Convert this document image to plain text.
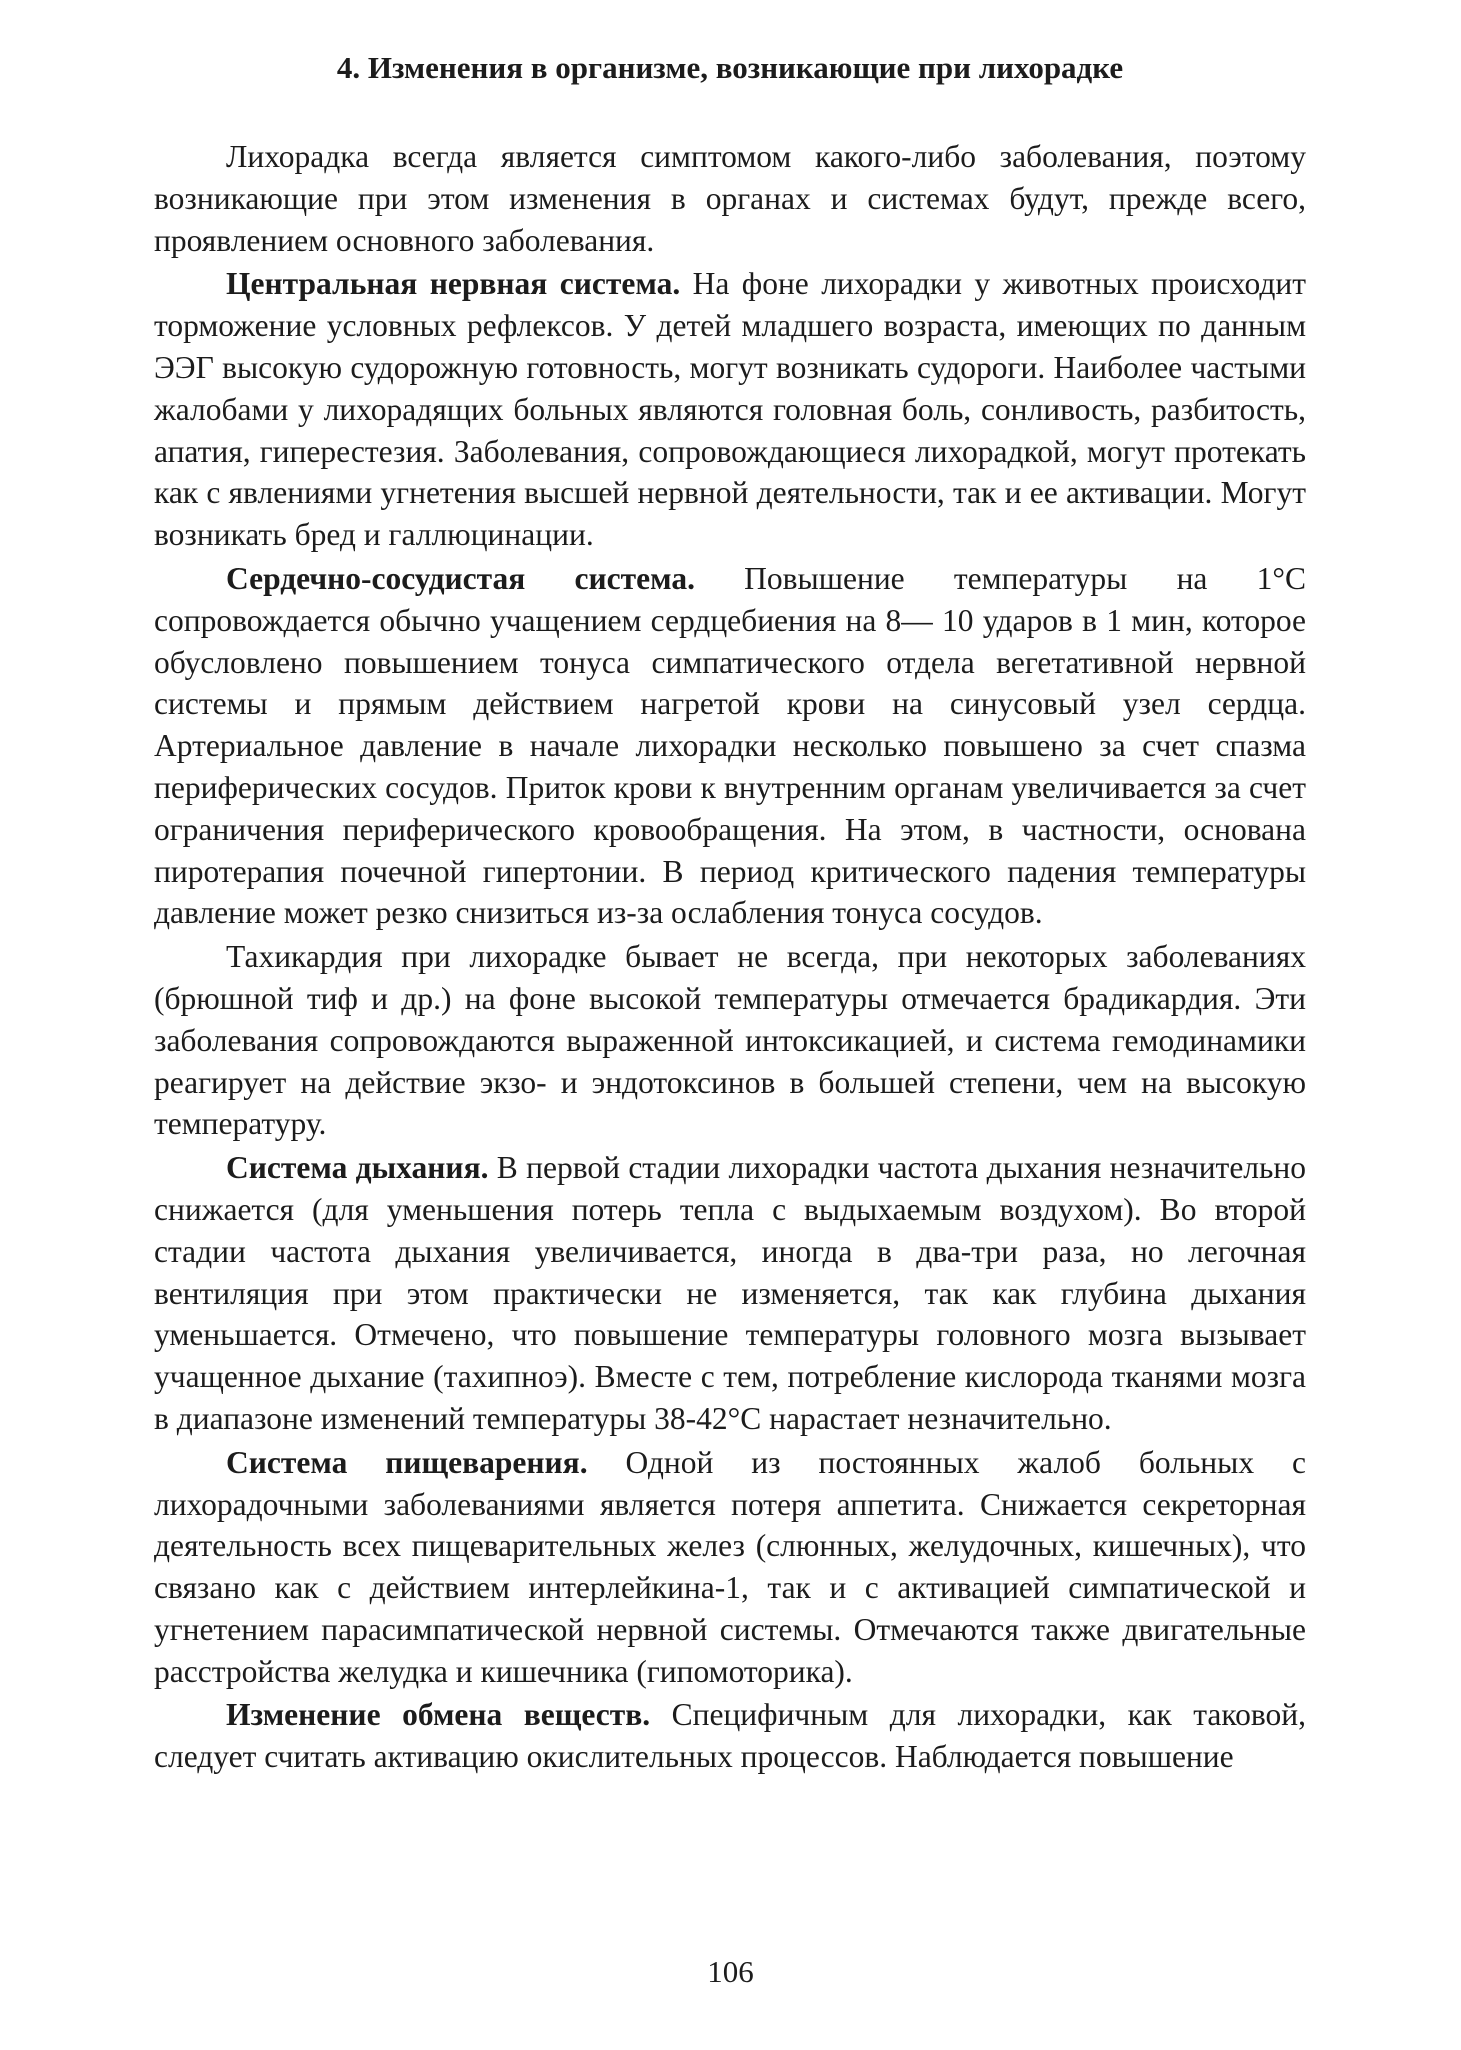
4. Изменения в организме, возникающие при лихорадке

Лихорадка всегда является симптомом какого-либо заболевания, поэтому возникающие при этом изменения в органах и системах будут, прежде всего, проявлением основного заболевания.

Центральная нервная система. На фоне лихорадки у животных происходит торможение условных рефлексов. У детей младшего возраста, имеющих по данным ЭЭГ высокую судорожную готовность, могут возникать судороги. Наиболее частыми жалобами у лихорадящих больных являются головная боль, сонливость, разбитость, апатия, гиперестезия. Заболевания, сопровождающиеся лихорадкой, могут протекать как с явлениями угнетения высшей нервной деятельности, так и ее активации. Могут возникать бред и галлюцинации.

Сердечно-сосудистая система. Повышение температуры на 1°С сопровождается обычно учащением сердцебиения на 8— 10 ударов в 1 мин, которое обусловлено повышением тонуса симпатического отдела вегетативной нервной системы и прямым действием нагретой крови на синусовый узел сердца. Артериальное давление в начале лихорадки несколько повышено за счет спазма периферических сосудов. Приток крови к внутренним органам увеличивается за счет ограничения периферического кровообращения. На этом, в частности, основана пиротерапия почечной гипертонии. В период критического падения температуры давление может резко снизиться из-за ослабления тонуса сосудов.

Тахикардия при лихорадке бывает не всегда, при некоторых заболеваниях (брюшной тиф и др.) на фоне высокой температуры отмечается брадикардия. Эти заболевания сопровождаются выраженной интоксикацией, и система гемодинамики реагирует на действие экзо- и эндотоксинов в большей степени, чем на высокую температуру.

Система дыхания. В первой стадии лихорадки частота дыхания незначительно снижается (для уменьшения потерь тепла с выдыхаемым воздухом). Во второй стадии частота дыхания увеличивается, иногда в два-три раза, но легочная вентиляция при этом практически не изменяется, так как глубина дыхания уменьшается. Отмечено, что повышение температуры головного мозга вызывает учащенное дыхание (тахипноэ). Вместе с тем, потребление кислорода тканями мозга в диапазоне изменений температуры 38-42°С нарастает незначительно.

Система пищеварения. Одной из постоянных жалоб больных с лихорадочными заболеваниями является потеря аппетита. Снижается секреторная деятельность всех пищеварительных желез (слюнных, желудочных, кишечных), что связано как с действием интерлейкина-1, так и с активацией симпатической и угнетением парасимпатической нервной системы. Отмечаются также двигательные расстройства желудка и кишечника (гипомоторика).

Изменение обмена веществ. Специфичным для лихорадки, как таковой, следует считать активацию окислительных процессов. Наблюдается повышение

106
